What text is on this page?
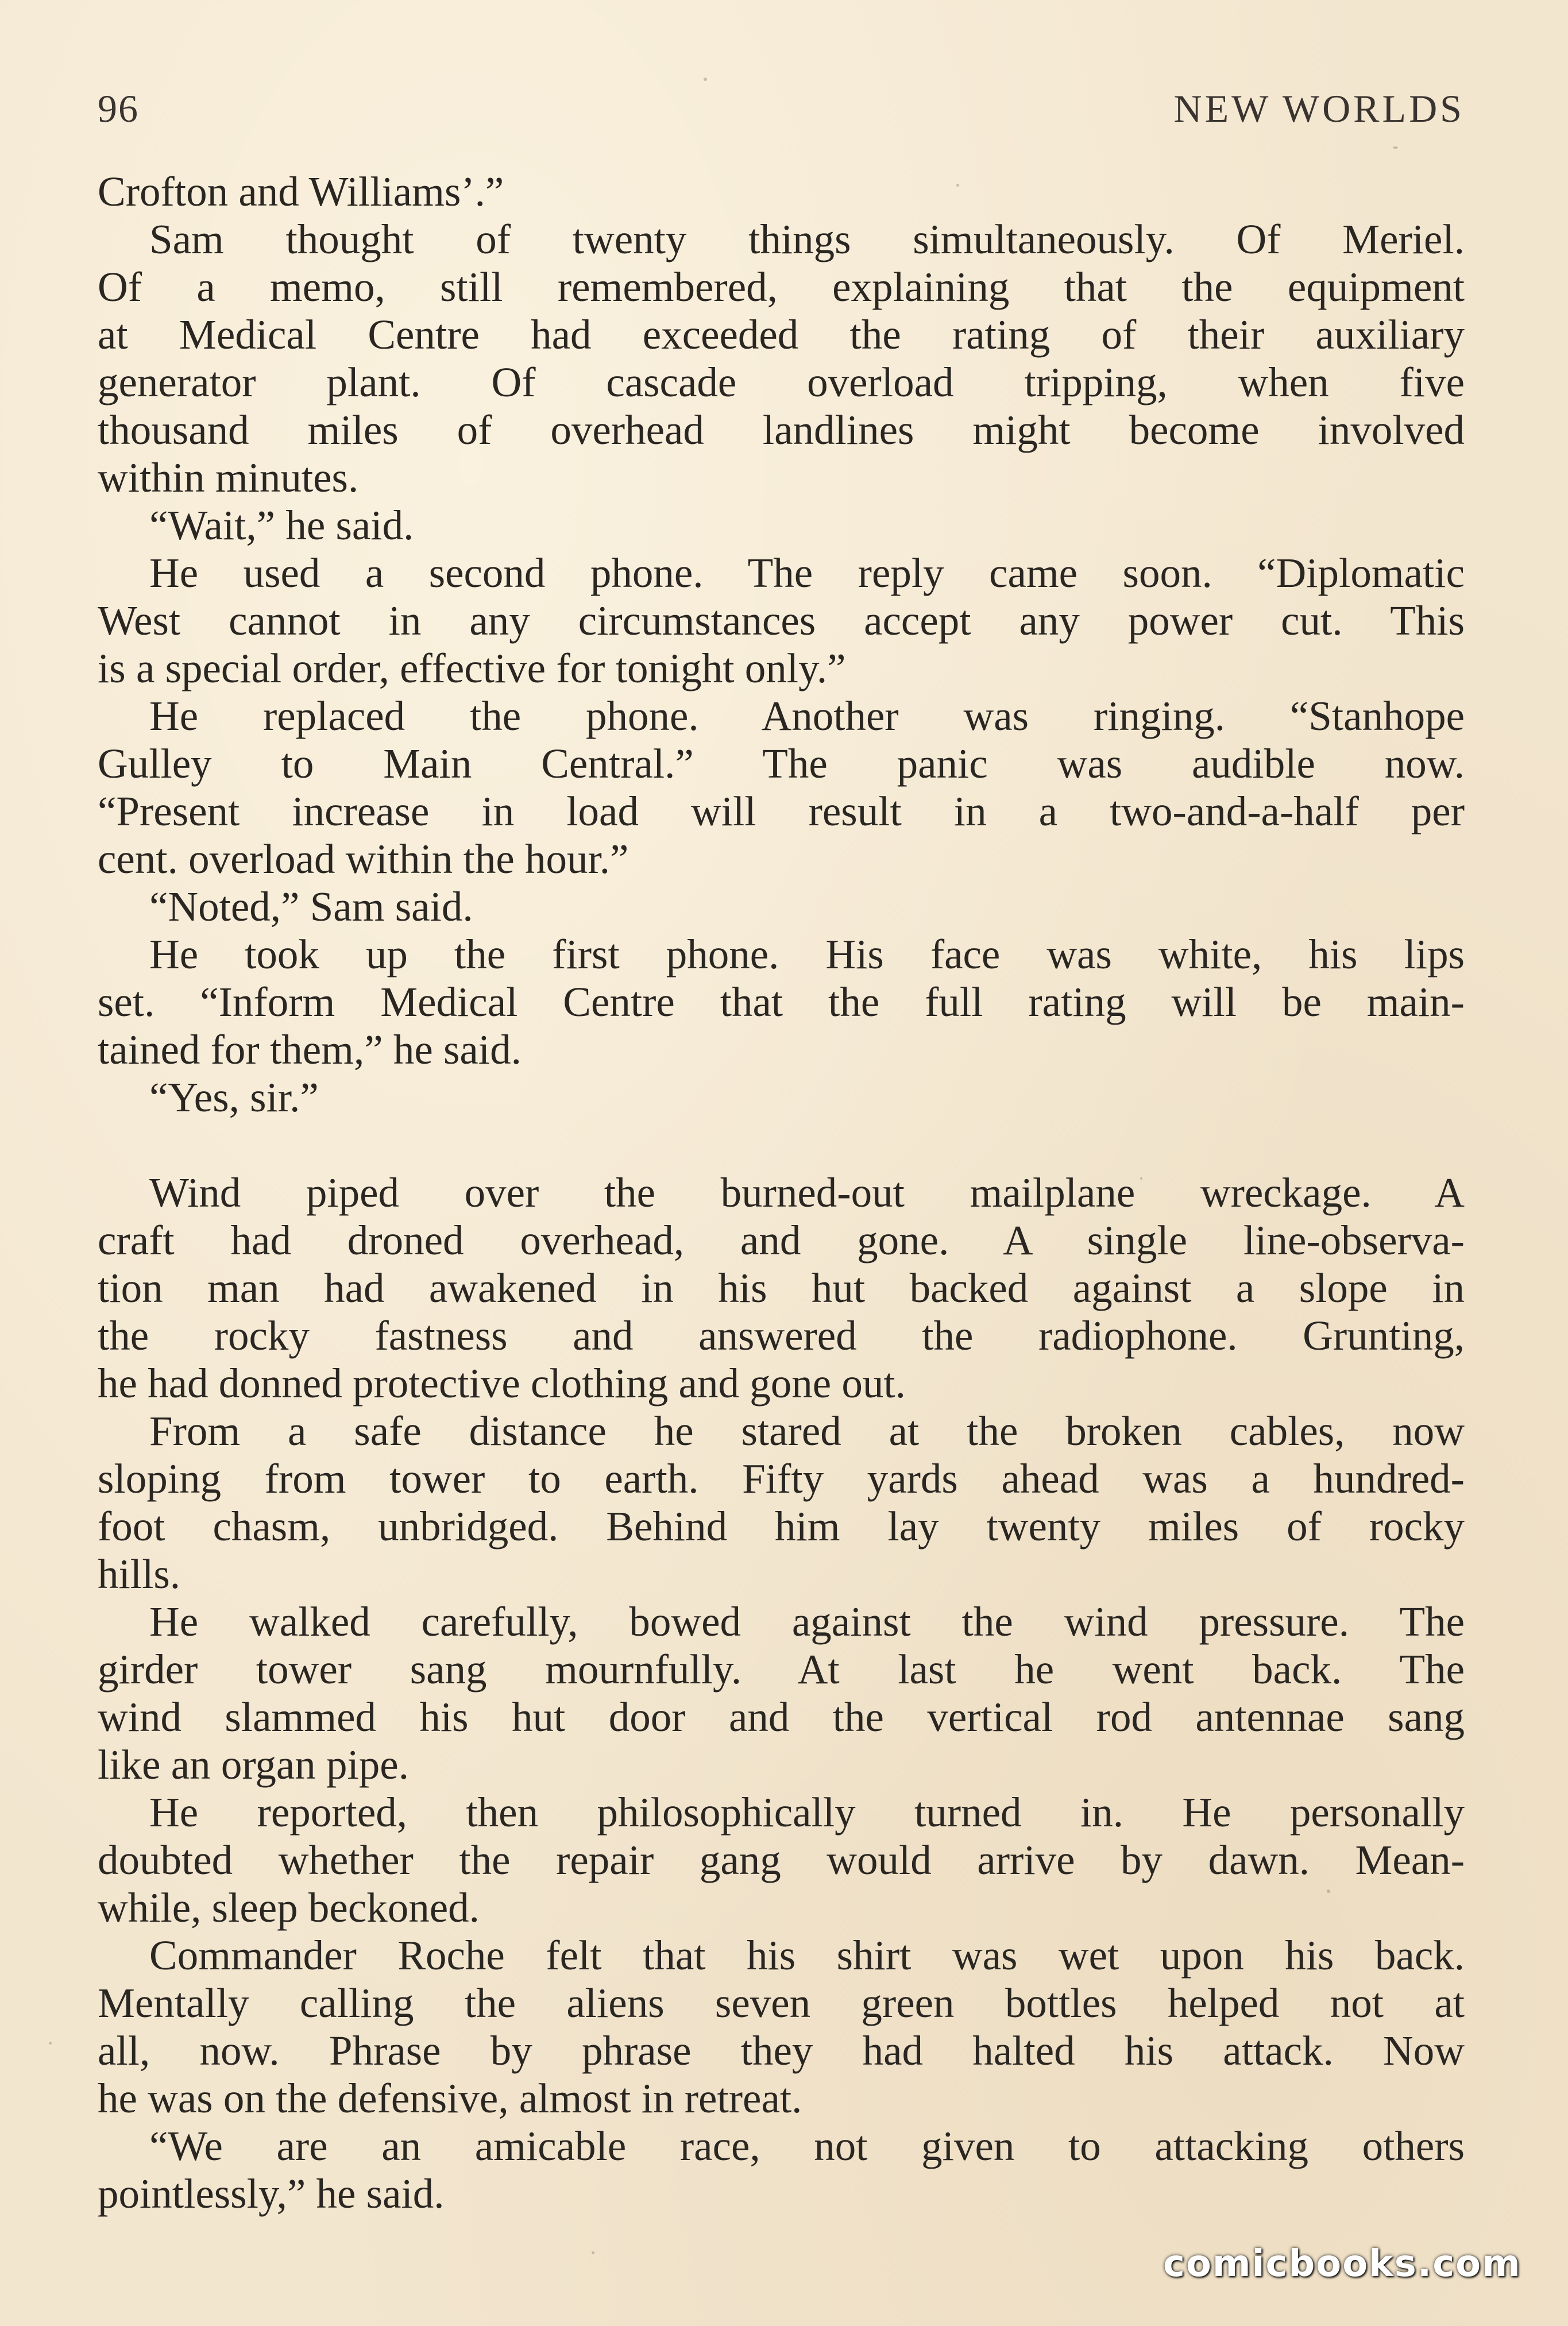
96	NEW WORLDS
Crofton and Williams’.”
Sam thought of twenty things simultaneously. Of Meriel.
Of a memo, still remembered, explaining that the equipment
at Medical Centre had exceeded the rating of their auxiliary
generator plant. Of cascade overload tripping, when five
thousand miles of overhead landlines might become involved
within minutes.
“Wait,” he said.
He used a second phone. The reply came soon. “Diplomatic
West cannot in any circumstances accept any power cut. This
is a special order, effective for tonight only.”
He replaced the phone. Another was ringing. “Stanhope
Gulley to Main Central.” The panic was audible now.
“Present increase in load will result in a two-and-a-half per
cent. overload within the hour.”
“Noted,” Sam said.
He took up the first phone. His face was white, his lips
set. “Inform Medical Centre that the full rating will be main-
tained for them,” he said.
“Yes, sir.”
Wind piped over the burned-out mailplane wreckage. A
craft had droned overhead, and gone. A single line-observa-
tion man had awakened in his hut backed against a slope in
the rocky fastness and answered the radiophone. Grunting,
he had donned protective clothing and gone out.
From a safe distance he stared at the broken cables, now
sloping from tower to earth. Fifty yards ahead was a hundred-
foot chasm, unbridged. Behind him lay twenty miles of rocky
hills.
He walked carefully, bowed against the wind pressure. The
girder tower sang mournfully. At last he went back. The
wind slammed his hut door and the vertical rod antennae sang
like an organ pipe.
He reported, then philosophically turned in. He personally
doubted whether the repair gang would arrive by dawn. Mean-
while, sleep beckoned.
Commander Roche felt that his shirt was wet upon his back.
Mentally calling the aliens seven green bottles helped not at
all, now. Phrase by phrase they had halted his attack. Now
he was on the defensive, almost in retreat.
“We are an amicable race, not given to attacking others
pointlessly,” he said.
comicbooks.com
